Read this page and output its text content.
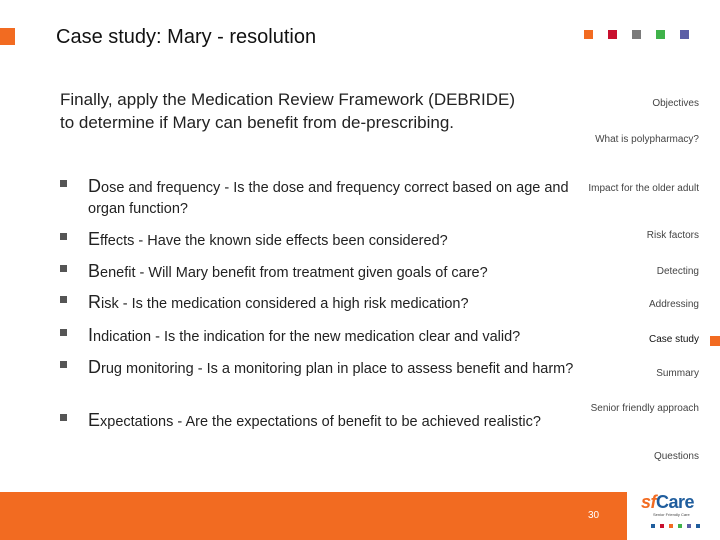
Case study: Mary - resolution
Finally, apply the Medication Review Framework (DEBRIDE) to determine if Mary can benefit from de-prescribing.
Dose and frequency - Is the dose and frequency correct based on age and organ function?
Effects - Have the known side effects been considered?
Benefit - Will Mary benefit from treatment given goals of care?
Risk - Is the medication considered a high risk medication?
Indication - Is the indication for the new medication clear and valid?
Drug monitoring - Is a monitoring plan in place to assess benefit and harm?
Expectations - Are the expectations of benefit to be achieved realistic?
Objectives
What is polypharmacy?
Impact for the older adult
Risk factors
Detecting
Addressing
Case study
Summary
Senior friendly approach
Questions
30
sfCare
Senior Friendly Care
